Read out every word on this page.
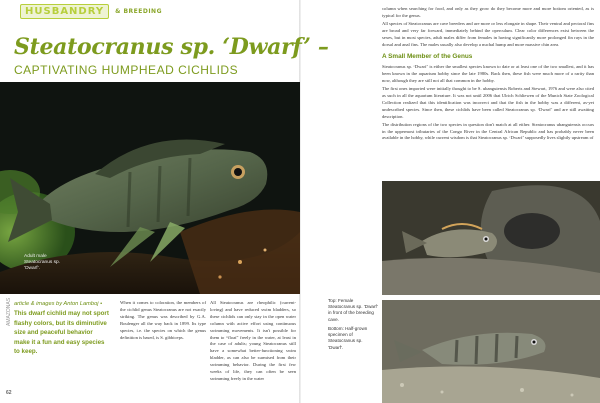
HUSBANDRY	& BREEDING
Steatocranus sp. ‘Dwarf’ –
CAPTIVATING HUMPHEAD CICHLIDS
Adult male Steatocranus sp. ‘Dwarf’.
article & images by Anton Lamboj •
This dwarf cichlid may not sport flashy colors, but its diminutive size and peaceful behavior make it a fun and easy species to keep.

When it comes to coloration, the members of the cichlid genus Steatocranus are not exactly striking. The genus was described by G.A. Boulenger all the way back in 1899. Its type species, i.e. the species on which the genus definition is based, is S. gibbiceps.

All Steatocranus are rheophilic (current-loving) and have reduced swim bladders, so these cichlids can only stay in the open water column with active effort using continuous swimming movements. It isn't possible for them to “float” freely in the water, at least in the case of adults; young Steatocranus still have a somewhat better-functioning swim bladder, as can also be surmised from their swimming behavior. During the first few weeks of life, they can often be seen swimming freely in the water

AMAZONAS
62

column when searching for food, and only as they grow do they become more and more bottom oriented, as is typical for the genus.

All species of Steatocranus are cave breeders and are more or less elongate in shape. Their ventral and pectoral fins are broad and very far forward, immediately behind the operculum. Clear color differences exist between the sexes, but in most species, adult males differ from females in having significantly more prolonged fin rays in the dorsal and anal fins. The males usually also develop a nuchal hump and more massive chin area.

A Small Member of the Genus

Steatocranus sp. ‘Dwarf’ is either the smallest species known to date or at least one of the two smallest, and it has been known in the aquarium hobby since the late 1980s. Back then, these fish were much more of a rarity than now, although they are still not all that common in the hobby.

The first ones imported were initially thought to be S. ubanguiensis Roberts and Stewart, 1976 and were also cited as such in all the aquarium literature. It was not until 2006 that Ulrich Schliewen of the Munich State Zoological Collection realized that this identification was incorrect and that the fish in the hobby was a different, as-yet undescribed species. Since then, these cichlids have been called Steatocranus sp. ‘Dwarf’ and are still awaiting description.

The distribution regions of the two species in question don't match at all either. Steatocranus ubanguiensis occurs in the uppermost tributaries of the Congo River in the Central African Republic and has probably never been available in the hobby, while current wisdom is that Steatocranus sp. ‘Dwarf’ supposedly lives slightly upstream of

Top: Female Steatocranus sp. ‘Dwarf’ in front of the breeding cave.
Bottom: Half-grown specimen of Steatocranus sp. ‘Dwarf’.
